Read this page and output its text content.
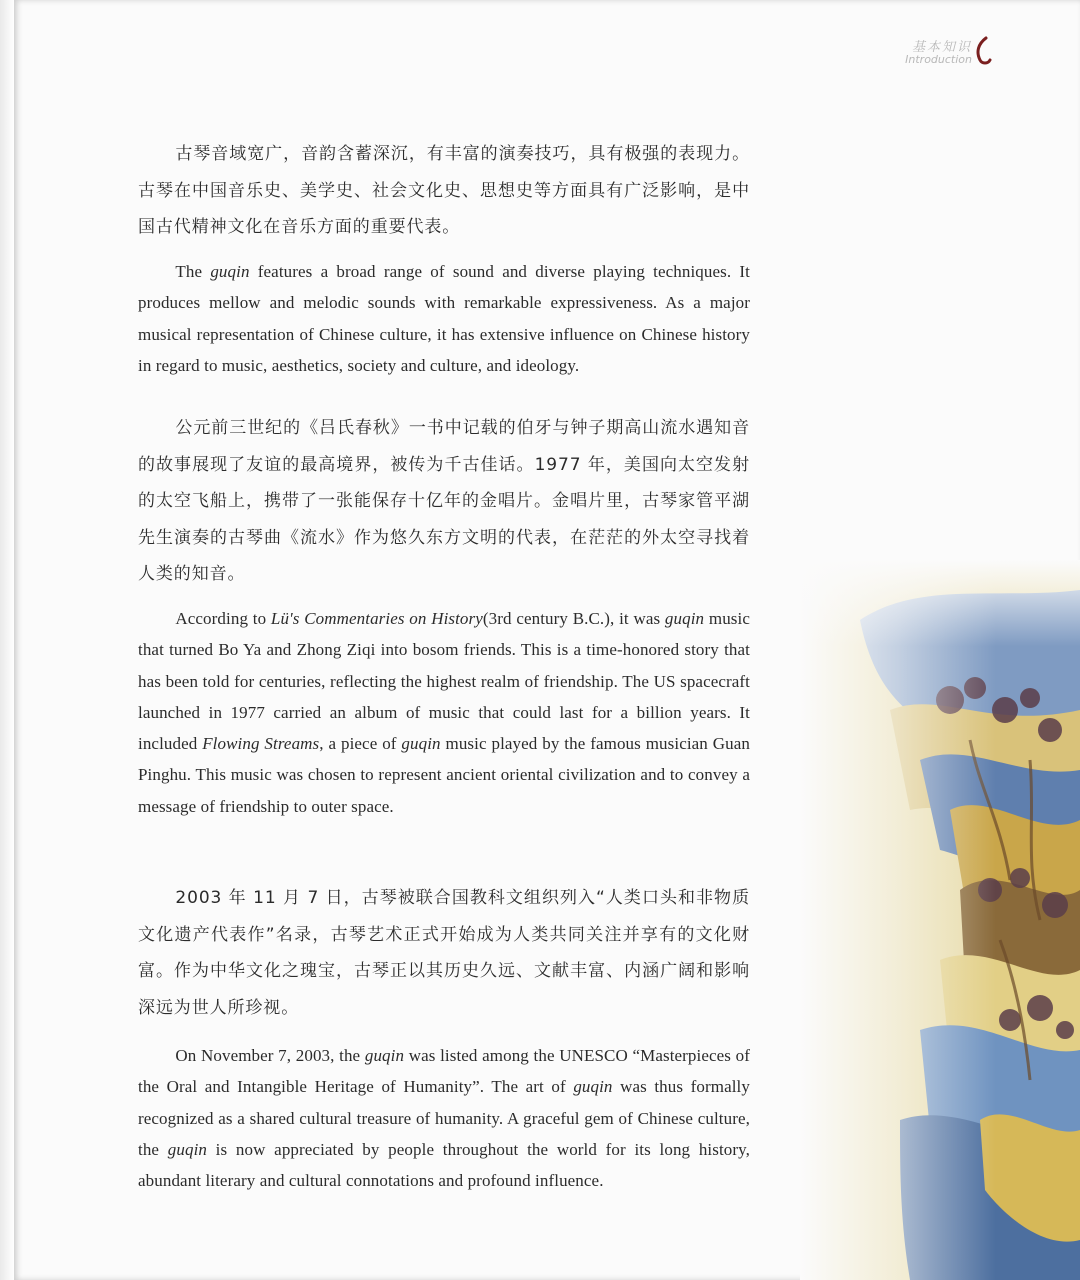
基本知识
Introduction

古琴音域宽广，音韵含蓄深沉，有丰富的演奏技巧，具有极强的表现力。古琴在中国音乐史、美学史、社会文化史、思想史等方面具有广泛影响，是中国古代精神文化在音乐方面的重要代表。

The guqin features a broad range of sound and diverse playing techniques. It produces mellow and melodic sounds with remarkable expressiveness. As a major musical representation of Chinese culture, it has extensive influence on Chinese history in regard to music, aesthetics, society and culture, and ideology.

公元前三世纪的《吕氏春秋》一书中记载的伯牙与钟子期高山流水遇知音的故事展现了友谊的最高境界，被传为千古佳话。1977 年，美国向太空发射的太空飞船上，携带了一张能保存十亿年的金唱片。金唱片里，古琴家管平湖先生演奏的古琴曲《流水》作为悠久东方文明的代表，在茫茫的外太空寻找着人类的知音。

According to Lü's Commentaries on History(3rd century B.C.), it was guqin music that turned Bo Ya and Zhong Ziqi into bosom friends. This is a time-honored story that has been told for centuries, reflecting the highest realm of friendship. The US spacecraft launched in 1977 carried an album of music that could last for a billion years. It included Flowing Streams, a piece of guqin music played by the famous musician Guan Pinghu. This music was chosen to represent ancient oriental civilization and to convey a message of friendship to outer space.

2003 年 11 月 7 日，古琴被联合国教科文组织列入“人类口头和非物质文化遗产代表作”名录，古琴艺术正式开始成为人类共同关注并享有的文化财富。作为中华文化之瑰宝，古琴正以其历史久远、文献丰富、内涵广阔和影响深远为世人所珍视。

On November 7, 2003, the guqin was listed among the UNESCO “Masterpieces of the Oral and Intangible Heritage of Humanity”. The art of guqin was thus formally recognized as a shared cultural treasure of humanity. A graceful gem of Chinese culture, the guqin is now appreciated by people throughout the world for its long history, abundant literary and cultural connotations and profound influence.
